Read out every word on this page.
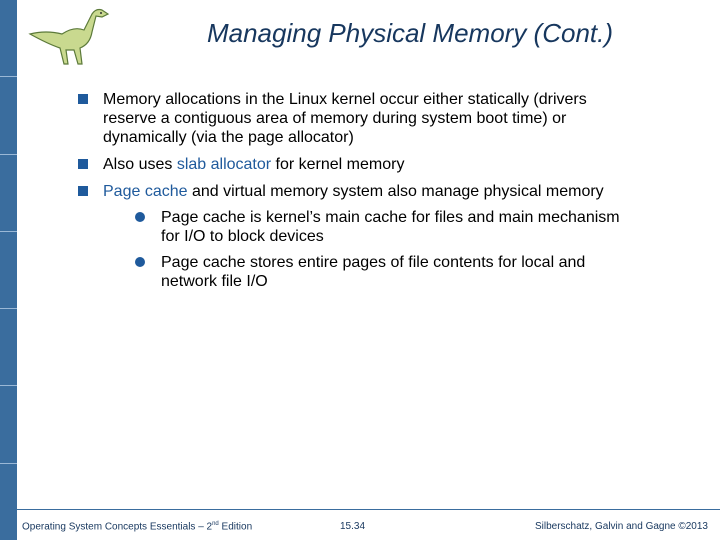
Managing Physical Memory (Cont.)
Memory allocations in the Linux kernel occur either statically (drivers reserve a contiguous area of memory during system boot time) or dynamically (via the page allocator)
Also uses slab allocator for kernel memory
Page cache and virtual memory system also manage physical memory
Page cache is kernel’s main cache for files and main mechanism for I/O to block devices
Page cache stores entire pages of file contents for local and network file I/O
Operating System Concepts Essentials – 2nd Edition	15.34	Silberschatz, Galvin and Gagne ©2013
